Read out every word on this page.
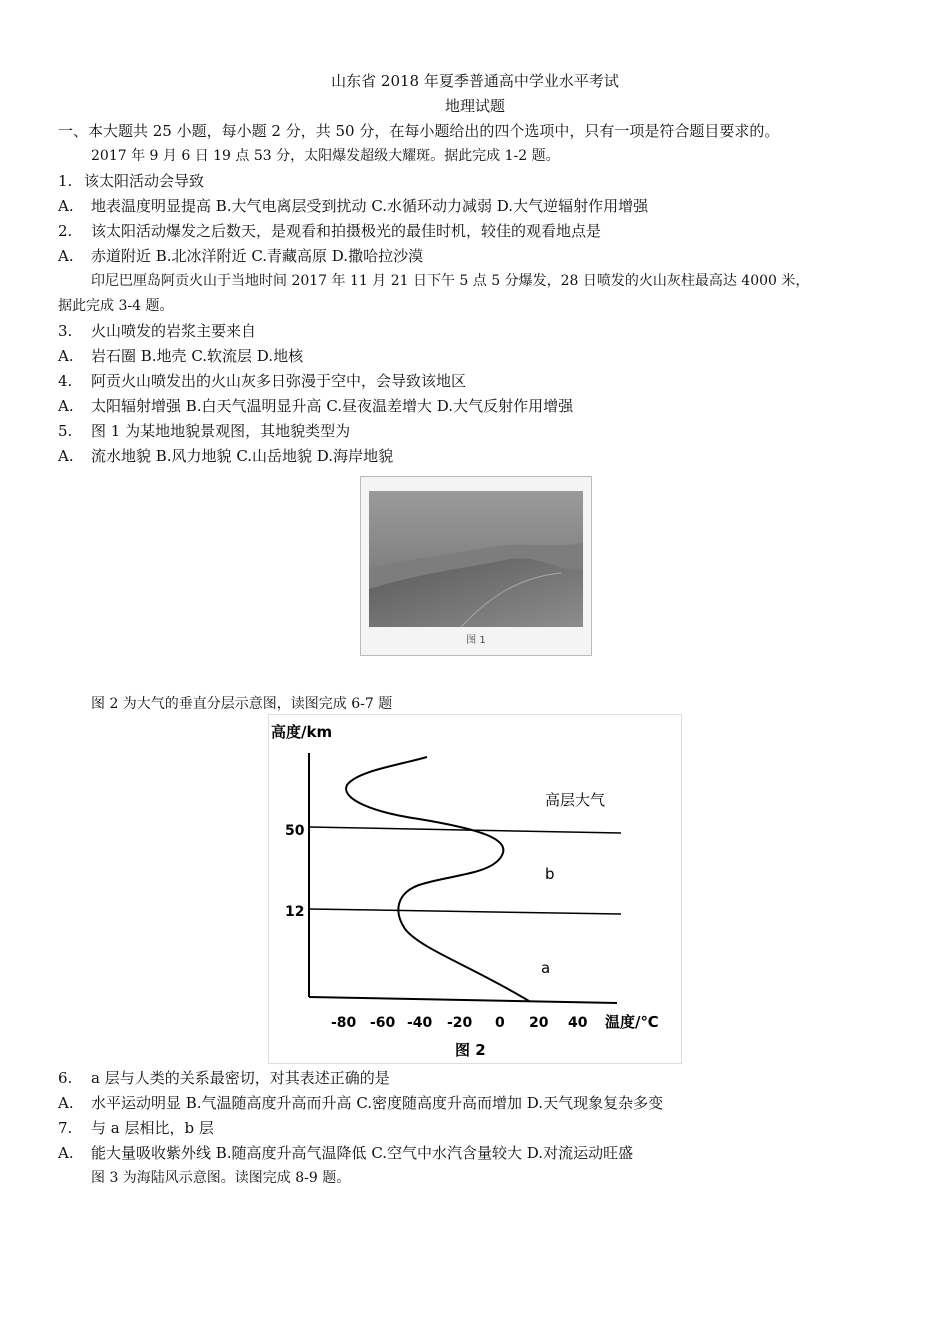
山东省 2018 年夏季普通高中学业水平考试
地理试题
一、本大题共 25 小题，每小题 2 分，共 50 分，在每小题给出的四个选项中，只有一项是符合题目要求的。
2017 年 9 月 6 日 19 点 53 分，太阳爆发超级大耀斑。据此完成 1-2 题。
1. 该太阳活动会导致
A. 地表温度明显提高 B.大气电离层受到扰动 C.水循环动力减弱 D.大气逆辐射作用增强
2. 该太阳活动爆发之后数天，是观看和拍摄极光的最佳时机，较佳的观看地点是
A. 赤道附近 B.北冰洋附近 C.青藏高原 D.撒哈拉沙漠
印尼巴厘岛阿贡火山于当地时间 2017 年 11 月 21 日下午 5 点 5 分爆发，28 日喷发的火山灰柱最高达 4000 米，
据此完成 3-4 题。
3. 火山喷发的岩浆主要来自
A. 岩石圈 B.地壳 C.软流层 D.地核
4. 阿贡火山喷发出的火山灰多日弥漫于空中，会导致该地区
A. 太阳辐射增强 B.白天气温明显升高 C.昼夜温差增大 D.大气反射作用增强
5. 图 1 为某地地貌景观图，其地貌类型为
A. 流水地貌 B.风力地貌 C.山岳地貌 D.海岸地貌
图 1
图 2 为大气的垂直分层示意图，读图完成 6-7 题
高度/km
温度/℃
50
12
高层大气
b
a
-80 -60 -40 -20 0 20 40
图 2
6. a 层与人类的关系最密切，对其表述正确的是
A. 水平运动明显 B.气温随高度升高而升高 C.密度随高度升高而增加 D.天气现象复杂多变
7. 与 a 层相比，b 层
A. 能大量吸收紫外线 B.随高度升高气温降低 C.空气中水汽含量较大 D.对流运动旺盛
图 3 为海陆风示意图。读图完成 8-9 题。
